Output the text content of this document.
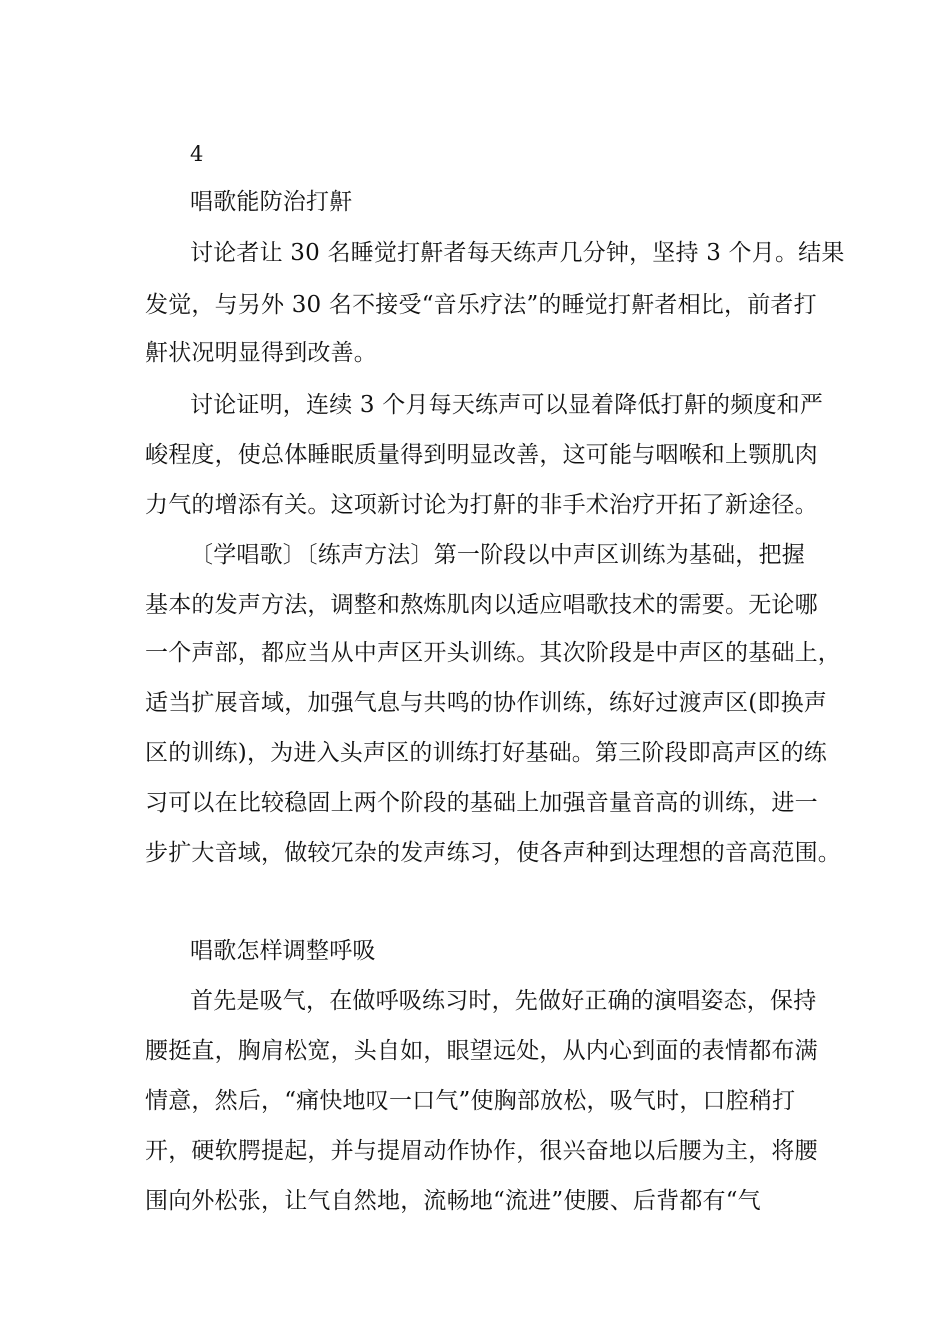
4

唱歌能防治打鼾

讨论者让 30 名睡觉打鼾者每天练声几分钟，坚持 3 个月。结果

发觉，与另外 30 名不接受“音乐疗法”的睡觉打鼾者相比，前者打

鼾状况明显得到改善。

讨论证明，连续 3 个月每天练声可以显着降低打鼾的频度和严

峻程度，使总体睡眠质量得到明显改善，这可能与咽喉和上颚肌肉

力气的增添有关。这项新讨论为打鼾的非手术治疗开拓了新途径。

〔学唱歌〕〔练声方法〕第一阶段以中声区训练为基础，把握

基本的发声方法，调整和熬炼肌肉以适应唱歌技术的需要。无论哪

一个声部，都应当从中声区开头训练。其次阶段是中声区的基础上，

适当扩展音域，加强气息与共鸣的协作训练，练好过渡声区(即换声

区的训练)，为进入头声区的训练打好基础。第三阶段即高声区的练

习可以在比较稳固上两个阶段的基础上加强音量音高的训练，进一

步扩大音域，做较冗杂的发声练习，使各声种到达理想的音高范围。

唱歌怎样调整呼吸

首先是吸气，在做呼吸练习时，先做好正确的演唱姿态，保持

腰挺直，胸肩松宽，头自如，眼望远处，从内心到面的表情都布满

情意，然后，“痛快地叹一口气”使胸部放松，吸气时，口腔稍打

开，硬软腭提起，并与提眉动作协作，很兴奋地以后腰为主，将腰

围向外松张，让气自然地，流畅地“流进”使腰、后背都有“气
